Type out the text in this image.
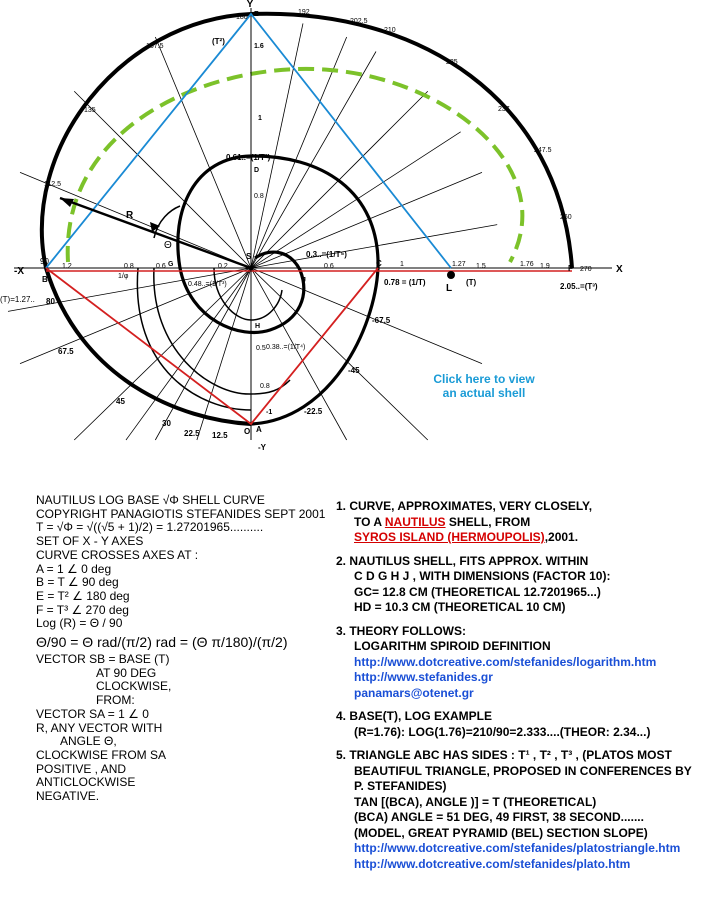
Y
-Y
X
-X
B
C
D
E
F
G
H
J
L
O A
S
R
Θ
180
192
202.5
210
225
237
247.5
260
270
157.5
135
112.5
90
80
67.5
45
30
22.5 12.5
-22.5
-45
-67.5
1.2	0.8	0.6	0.2	0.6	1	1.27 1.5	1.76 1.9
1.6
1
0.8
0.5
0.8
-1
1/φ
(T²)
0.61..=(1/T²)
0.78 = (1/T)	(T)
(T)=1.27..
2.05..=(T³)
0.3..=(1/T⁵)
0.48..=(1/T³)
0.38..=(1/T⁴)
Click here to view
an actual shell
NAUTILUS LOG BASE √Φ SHELL CURVE
COPYRIGHT PANAGIOTIS STEFANIDES SEPT 2001
T = √Φ = √((√5 + 1)/2) = 1.27201965..........
SET OF X - Y AXES
CURVE CROSSES AXES AT :
A = 1 ∠ 0 deg
B = T ∠ 90 deg
E = T² ∠ 180 deg
F = T³ ∠ 270 deg
Log (R) = Θ / 90
Θ/90 = Θ rad/(π/2) rad = (Θ π/180)/(π/2)
VECTOR SB = BASE (T)
AT 90 DEG
CLOCKWISE,
FROM:
VECTOR SA = 1 ∠ 0
R, ANY VECTOR WITH
ANGLE Θ,
CLOCKWISE FROM SA
POSITIVE , AND
ANTICLOCKWISE
NEGATIVE.
1. CURVE, APPROXIMATES, VERY CLOSELY,
TO A NAUTILUS SHELL, FROM
SYROS ISLAND (HERMOUPOLIS),2001.
2. NAUTILUS SHELL, FITS APPROX. WITHIN
C D G H J , WITH DIMENSIONS (FACTOR 10):
GC= 12.8 CM (THEORETICAL 12.7201965...)
HD = 10.3 CM (THEORETICAL 10 CM)
3. THEORY FOLLOWS:
LOGARITHM SPIROID DEFINITION
http://www.dotcreative.com/stefanides/logarithm.htm
http://www.stefanides.gr
panamars@otenet.gr
4. BASE(T), LOG EXAMPLE
(R=1.76): LOG(1.76)=210/90=2.333....(THEOR: 2.34...)
5. TRIANGLE ABC HAS SIDES : T¹ , T² , T³ , (PLATOS MOST
BEAUTIFUL TRIANGLE, PROPOSED IN CONFERENCES BY
P. STEFANIDES)
TAN [(BCA), ANGLE )] = T (THEORETICAL)
(BCA) ANGLE = 51 DEG, 49 FIRST, 38 SECOND.......
(MODEL, GREAT PYRAMID (BEL) SECTION SLOPE)
http://www.dotcreative.com/stefanides/platostriangle.htm
http://www.dotcreative.com/stefanides/plato.htm
